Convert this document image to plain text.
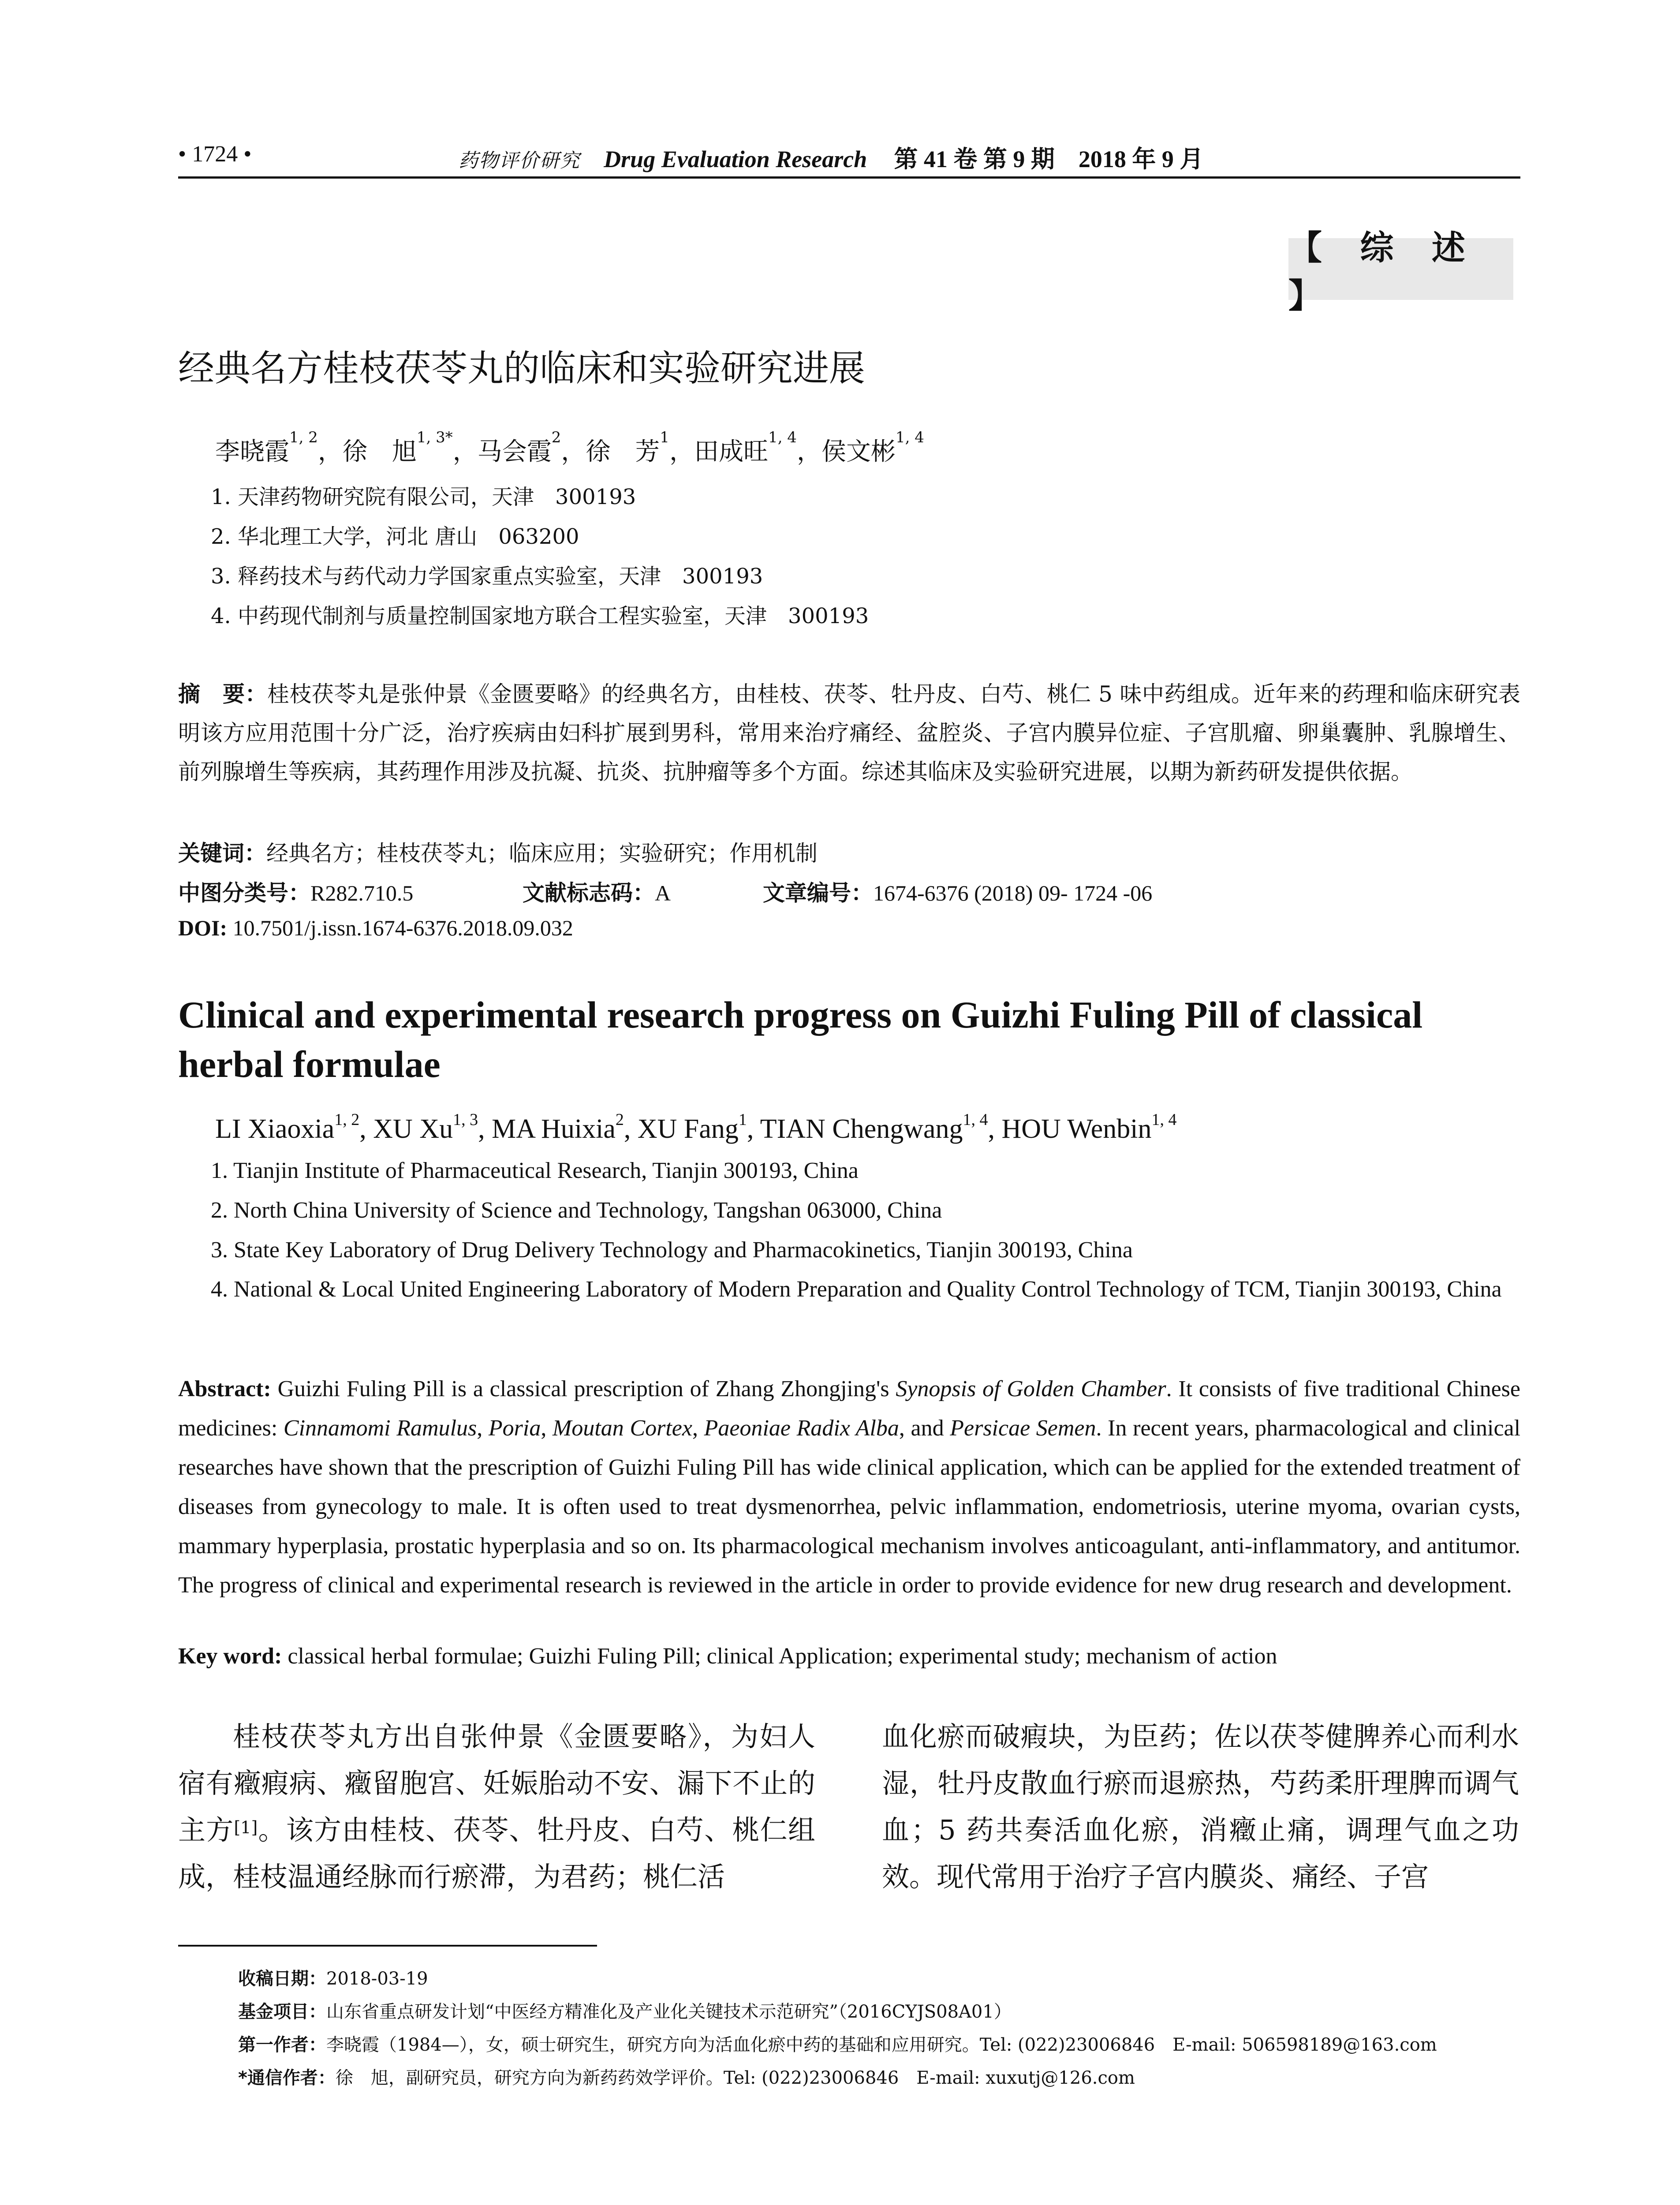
• 1724 •	药物评价研究 Drug Evaluation Research 第 41 卷 第 9 期　2018 年 9 月
【 综 述 】
经典名方桂枝茯苓丸的临床和实验研究进展
李晓霞$^{1, 2}$，徐　旭$^{1, 3*}$，马会霞$^2$，徐　芳$^1$，田成旺$^{1, 4}$，侯文彬$^{1, 4}$
1. 天津药物研究院有限公司，天津　300193
2. 华北理工大学，河北 唐山　063200
3. 释药技术与药代动力学国家重点实验室，天津　300193
4. 中药现代制剂与质量控制国家地方联合工程实验室，天津　300193
摘　要：桂枝茯苓丸是张仲景《金匮要略》的经典名方，由桂枝、茯苓、牡丹皮、白芍、桃仁 5 味中药组成。近年来的药理和临床研究表明该方应用范围十分广泛，治疗疾病由妇科扩展到男科，常用来治疗痛经、盆腔炎、子宫内膜异位症、子宫肌瘤、卵巢囊肿、乳腺增生、前列腺增生等疾病，其药理作用涉及抗凝、抗炎、抗肿瘤等多个方面。综述其临床及实验研究进展，以期为新药研发提供依据。
关键词：经典名方；桂枝茯苓丸；临床应用；实验研究；作用机制
中图分类号：R282.710.5	文献标志码：A	文章编号：1674-6376 (2018) 09- 1724 -06
DOI: 10.7501/j.issn.1674-6376.2018.09.032
Clinical and experimental research progress on Guizhi Fuling Pill of classical herbal formulae
LI Xiaoxia$^{1, 2}$, XU Xu$^{1, 3}$, MA Huixia$^2$, XU Fang$^1$, TIAN Chengwang$^{1, 4}$, HOU Wenbin$^{1, 4}$
1. Tianjin Institute of Pharmaceutical Research, Tianjin 300193, China
2. North China University of Science and Technology, Tangshan 063000, China
3. State Key Laboratory of Drug Delivery Technology and Pharmacokinetics, Tianjin 300193, China
4. National & Local United Engineering Laboratory of Modern Preparation and Quality Control Technology of TCM, Tianjin 300193, China
Abstract: Guizhi Fuling Pill is a classical prescription of Zhang Zhongjing's Synopsis of Golden Chamber. It consists of five traditional Chinese medicines: Cinnamomi Ramulus, Poria, Moutan Cortex, Paeoniae Radix Alba, and Persicae Semen. In recent years, pharmacological and clinical researches have shown that the prescription of Guizhi Fuling Pill has wide clinical application, which can be applied for the extended treatment of diseases from gynecology to male. It is often used to treat dysmenorrhea, pelvic inflammation, endometriosis, uterine myoma, ovarian cysts, mammary hyperplasia, prostatic hyperplasia and so on. Its pharmacological mechanism involves anticoagulant, anti-inflammatory, and antitumor. The progress of clinical and experimental research is reviewed in the article in order to provide evidence for new drug research and development.
Key word: classical herbal formulae; Guizhi Fuling Pill; clinical Application; experimental study; mechanism of action
桂枝茯苓丸方出自张仲景《金匮要略》，为妇人宿有癥瘕病、癥留胞宫、妊娠胎动不安、漏下不止的主方[1]。该方由桂枝、茯苓、牡丹皮、白芍、桃仁组成，桂枝温通经脉而行瘀滞，为君药；桃仁活
血化瘀而破瘕块，为臣药；佐以茯苓健脾养心而利水湿，牡丹皮散血行瘀而退瘀热，芍药柔肝理脾而调气血；5 药共奏活血化瘀，消癥止痛，调理气血之功效。现代常用于治疗子宫内膜炎、痛经、子宫
收稿日期：2018-03-19
基金项目：山东省重点研发计划“中医经方精准化及产业化关键技术示范研究”（2016CYJS08A01）
第一作者：李晓霞（1984—），女，硕士研究生，研究方向为活血化瘀中药的基础和应用研究。Tel: (022)23006846　E-mail: 506598189@163.com
*通信作者：徐　旭，副研究员，研究方向为新药药效学评价。Tel: (022)23006846　E-mail: xuxutj@126.com
